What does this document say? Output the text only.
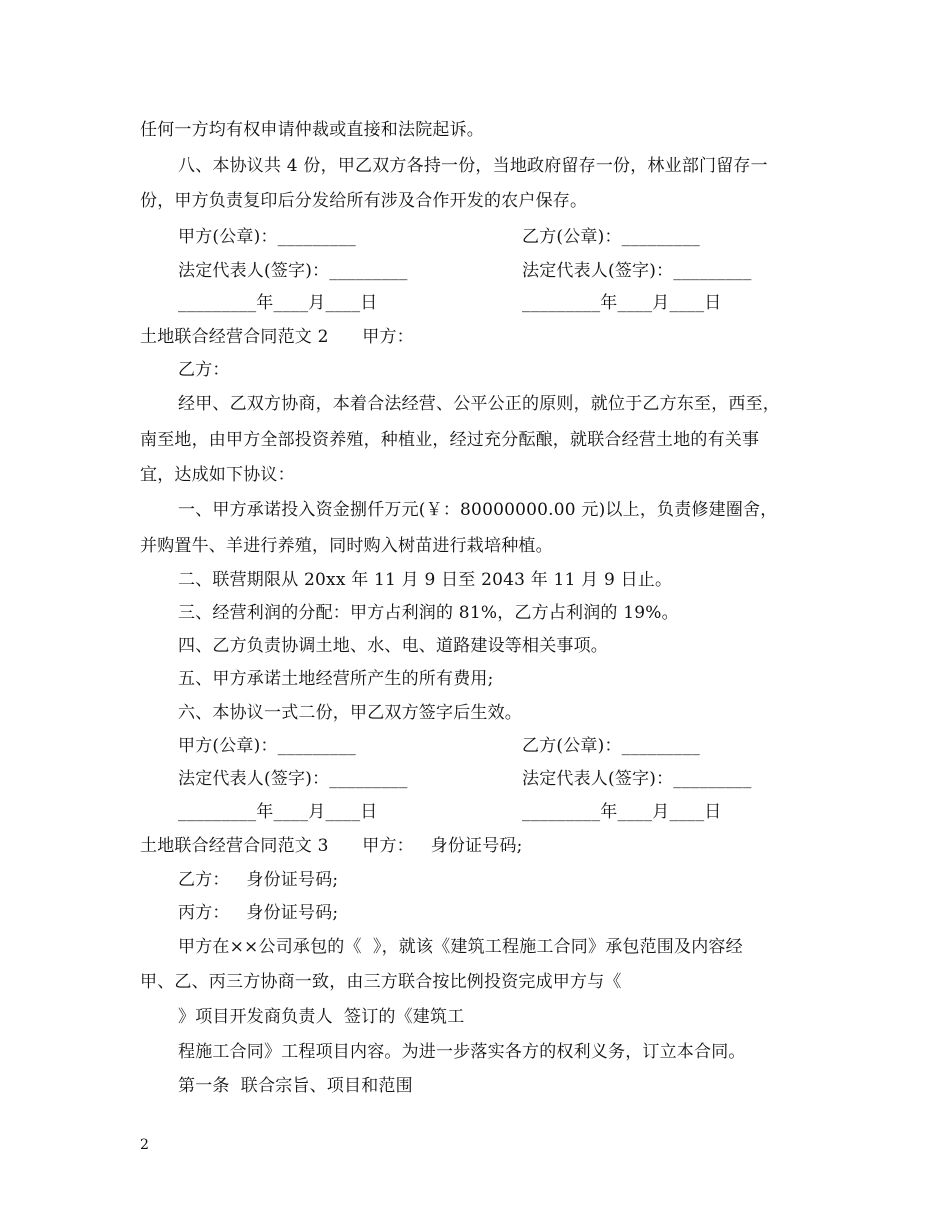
任何一方均有权申请仲裁或直接和法院起诉。
八、本协议共 4 份，甲乙双方各持一份，当地政府留存一份，林业部门留存一
份，甲方负责复印后分发给所有涉及合作开发的农户保存。
甲方(公章)：_________	乙方(公章)：_________
法定代表人(签字)：_________	法定代表人(签字)：_________
_________年____月____日	_________年____月____日
土地联合经营合同范文 2      甲方：
乙方：
经甲、乙双方协商，本着合法经营、公平公正的原则，就位于乙方东至，西至，
南至地，由甲方全部投资养殖，种植业，经过充分酝酿，就联合经营土地的有关事
宜，达成如下协议：
一、甲方承诺投入资金捌仟万元(￥：80000000.00 元)以上，负责修建圈舍，
并购置牛、羊进行养殖，同时购入树苗进行栽培种植。
二、联营期限从 20xx 年 11 月 9 日至 2043 年 11 月 9 日止。
三、经营利润的分配：甲方占利润的 81%，乙方占利润的 19%。
四、乙方负责协调土地、水、电、道路建设等相关事项。
五、甲方承诺土地经营所产生的所有费用;
六、本协议一式二份，甲乙双方签字后生效。
甲方(公章)：_________	乙方(公章)：_________
法定代表人(签字)：_________	法定代表人(签字)：_________
_________年____月____日	_________年____月____日
土地联合经营合同范文 3      甲方：   身份证号码;
乙方：   身份证号码;
丙方：   身份证号码;
甲方在××公司承包的《  》，就该《建筑工程施工合同》承包范围及内容经
甲、乙、丙三方协商一致，由三方联合按比例投资完成甲方与《
》项目开发商负责人  签订的《建筑工
程施工合同》工程项目内容。为进一步落实各方的权利义务，订立本合同。
第一条  联合宗旨、项目和范围
2
